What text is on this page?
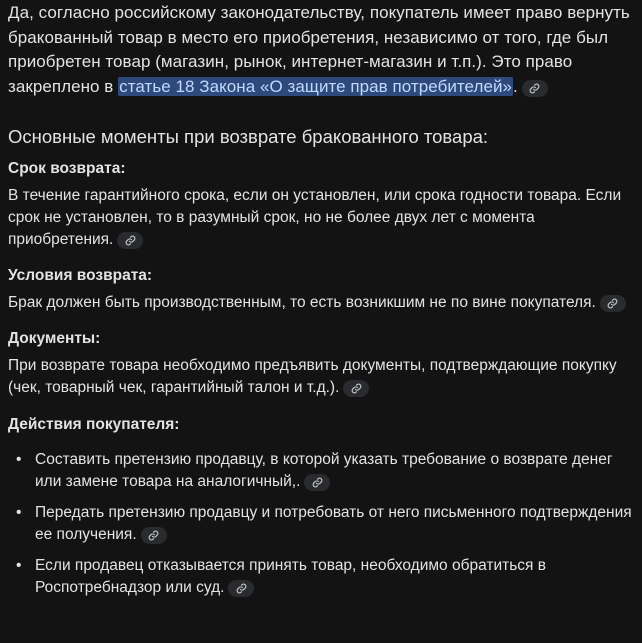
Да, согласно российскому законодательству, покупатель имеет право вернуть бракованный товар в место его приобретения, независимо от того, где был приобретен товар (магазин, рынок, интернет-магазин и т.п.). Это право закреплено в статье 18 Закона «О защите прав потребителей».

Основные моменты при возврате бракованного товара:
Срок возврата:

В течение гарантийного срока, если он установлен, или срока годности товара. Если срок не установлен, то в разумный срок, но не более двух лет с момента приобретения.

Условия возврата:

Брак должен быть производственным, то есть возникшим не по вине покупателя.

Документы:

При возврате товара необходимо предъявить документы, подтверждающие покупку (чек, товарный чек, гарантийный талон и т.д.).

Действия покупателя:
• Составить претензию продавцу, в которой указать требование о возврате денег или замене товара на аналогичный,.
• Передать претензию продавцу и потребовать от него письменного подтверждения ее получения.
• Если продавец отказывается принять товар, необходимо обратиться в Роспотребнадзор или суд.
